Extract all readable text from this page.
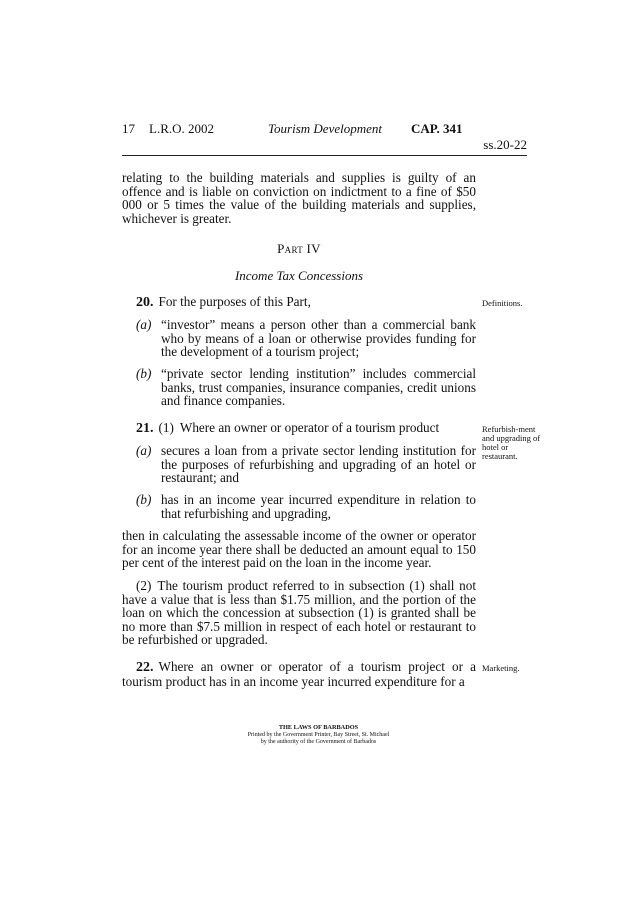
17 L.R.O. 2002	Tourism Development CAP. 341
ss.20-22

relating to the building materials and supplies is guilty of an offence and is liable on conviction on indictment to a fine of $50 000 or 5 times the value of the building materials and supplies, whichever is greater.

Part IV
Income Tax Concessions
20. For the purposes of this Part,	Definitions.
(a) “investor” means a person other than a commercial bank who by means of a loan or otherwise provides funding for the development of a tourism project;
(b) “private sector lending institution” includes commercial banks, trust companies, insurance companies, credit unions and finance companies.
21. (1) Where an owner or operator of a tourism product	Refurbish-ment and upgrading of hotel or restaurant.
(a) secures a loan from a private sector lending institution for the purposes of refurbishing and upgrading of an hotel or restaurant; and
(b) has in an income year incurred expenditure in relation to that refurbishing and upgrading,

then in calculating the assessable income of the owner or operator for an income year there shall be deducted an amount equal to 150 per cent of the interest paid on the loan in the income year.

(2) The tourism product referred to in subsection (1) shall not have a value that is less than $1.75 million, and the portion of the loan on which the concession at subsection (1) is granted shall be no more than $7.5 million in respect of each hotel or restaurant to be refurbished or upgraded.

22. Where an owner or operator of a tourism project or a tourism product has in an income year incurred expenditure for a

Marketing.
THE LAWS OF BARBADOS
Printed by the Government Printer, Bay Street, St. Michael
by the authority of the Government of Barbados
